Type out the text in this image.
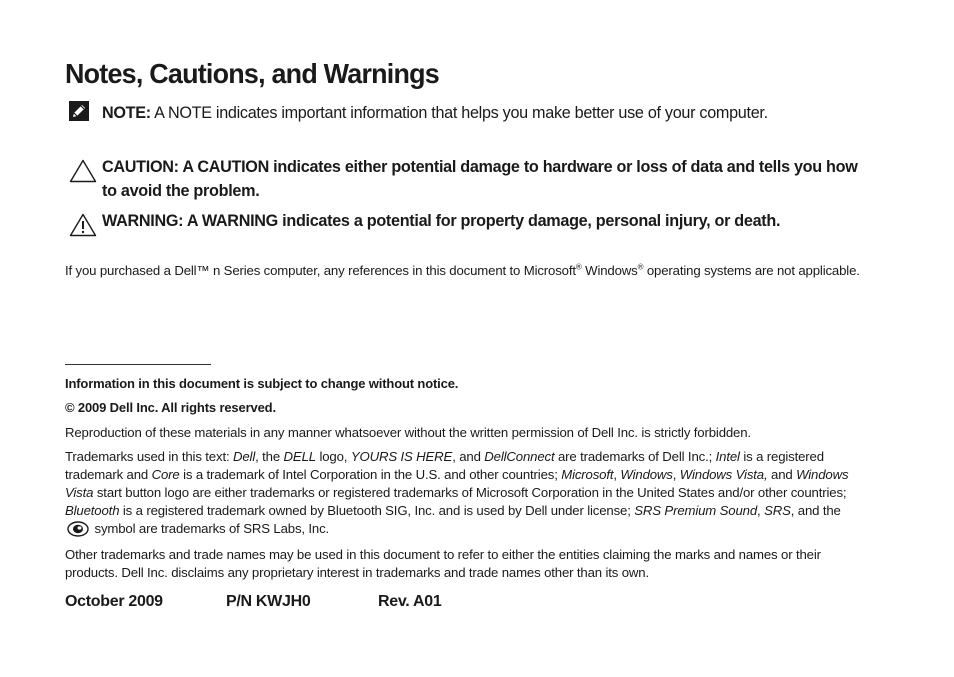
Notes, Cautions, and Warnings
NOTE: A NOTE indicates important information that helps you make better use of your computer.
CAUTION: A CAUTION indicates either potential damage to hardware or loss of data and tells you how to avoid the problem.
WARNING: A WARNING indicates a potential for property damage, personal injury, or death.
If you purchased a Dell™ n Series computer, any references in this document to Microsoft® Windows® operating systems are not applicable.
Information in this document is subject to change without notice.
© 2009 Dell Inc. All rights reserved.
Reproduction of these materials in any manner whatsoever without the written permission of Dell Inc. is strictly forbidden.
Trademarks used in this text: Dell, the DELL logo, YOURS IS HERE, and DellConnect are trademarks of Dell Inc.; Intel is a registered trademark and Core is a trademark of Intel Corporation in the U.S. and other countries; Microsoft, Windows, Windows Vista, and Windows Vista start button logo are either trademarks or registered trademarks of Microsoft Corporation in the United States and/or other countries; Bluetooth is a registered trademark owned by Bluetooth SIG, Inc. and is used by Dell under license; SRS Premium Sound, SRS, and the  symbol are trademarks of SRS Labs, Inc.
Other trademarks and trade names may be used in this document to refer to either the entities claiming the marks and names or their products. Dell Inc. disclaims any proprietary interest in trademarks and trade names other than its own.
October 2009	P/N KWJH0	Rev. A01
